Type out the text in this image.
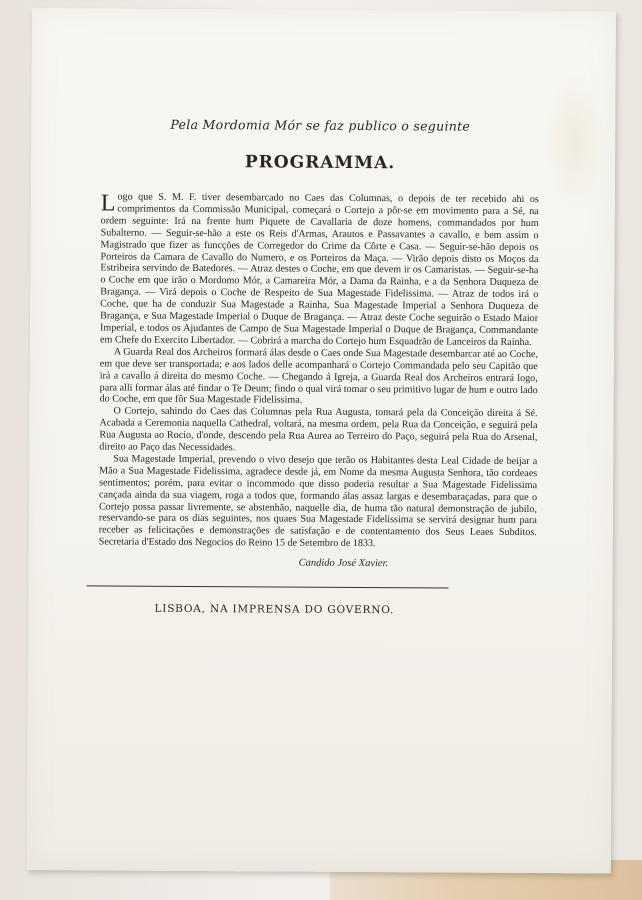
Pela Mordomia Mór se faz publico o seguinte

PROGRAMMA.

L ogo que S. M. F. tiver desembarcado no Caes das Columnas, o depois de ter recebido ahi os comprimentos da Commissão Municipal, começará o Cortejo a pôr-se em movimento para a Sé, na ordem seguinte: Irá na frente hum Piquete de Cavallaria de doze homens, commandados por hum Subalterno. — Seguir-se-hão a este os Reis d'Armas, Arautos e Passavantes a cavallo, e bem assim o Magistrado que fizer as funcções de Corregedor do Crime da Côrte e Casa. — Seguir-se-hão depois os Porteiros da Camara de Cavallo do Numero, e os Porteiros da Maça. — Virão depois disto os Moços da Estribeira servindo de Batedores. — Atraz destes o Coche, em que devem ir os Camaristas. — Seguir-se-ha o Coche em que irão o Mordomo Mór, a Camareira Mór, a Dama da Rainha, e a da Senhora Duqueza de Bragança. — Virá depois o Coche de Respeito de Sua Magestade Fidelissima. — Atraz de todos irá o Coche, que ha de conduzir Sua Magestade a Rainha, Sua Magestade Imperial a Senhora Duqueza de Bragança, e Sua Magestade Imperial o Duque de Bragança. — Atraz deste Coche seguirão o Estado Maior Imperial, e todos os Ajudantes de Campo de Sua Magestade Imperial o Duque de Bragança, Commandante em Chefe do Exercito Libertador. — Cobrirá a marcha do Cortejo hum Esquadrão de Lanceiros da Rainha.

A Guarda Real dos Archeiros formará álas desde o Caes onde Sua Magestade desembarcar até ao Coche, em que deve ser transportada; e aos lados delle acompanhará o Cortejo Commandada pelo seu Capitão que irá a cavallo á direita do mesmo Coche. — Chegando á Igreja, a Guarda Real dos Archeiros entrará logo, para alli formar álas até findar o Te Deum; findo o qual virá tomar o seu primitivo lugar de hum e outro lado do Coche, em que fôr Sua Magestade Fidelissima.

O Cortejo, sahindo do Caes das Columnas pela Rua Augusta, tomará pela da Conceição direita á Sé. Acabada a Ceremonia naquella Cathedral, voltará, na mesma ordem, pela Rua da Conceição, e seguirá pela Rua Augusta ao Rocio, d'onde, descendo pela Rua Aurea ao Terreiro do Paço, seguirá pela Rua do Arsenal, direito ao Paço das Necessidades.

Sua Magestade Imperial, prevendo o vivo desejo que terão os Habitantes desta Leal Cidade de beijar a Mão a Sua Magestade Fidelissima, agradece desde já, em Nome da mesma Augusta Senhora, tão cordeaes sentimentos; porém, para evitar o incommodo que disso poderia resultar a Sua Magestade Fidelissima cançada ainda da sua viagem, roga a todos que, formando álas assaz largas e desembaraçadas, para que o Cortejo possa passar livremente, se abstenhão, naquelle dia, de huma tão natural demonstração de jubilo, reservando-se para os dias seguintes, nos quaes Sua Magestade Fidelissima se servirá designar hum para receber as felicitações e demonstrações de satisfação e de contentamento dos Seus Leaes Subditos. Secretaria d'Estado dos Negocios do Reino 15 de Setembro de 1833.

Candido José Xavier.

LISBOA, NA IMPRENSA DO GOVERNO.
